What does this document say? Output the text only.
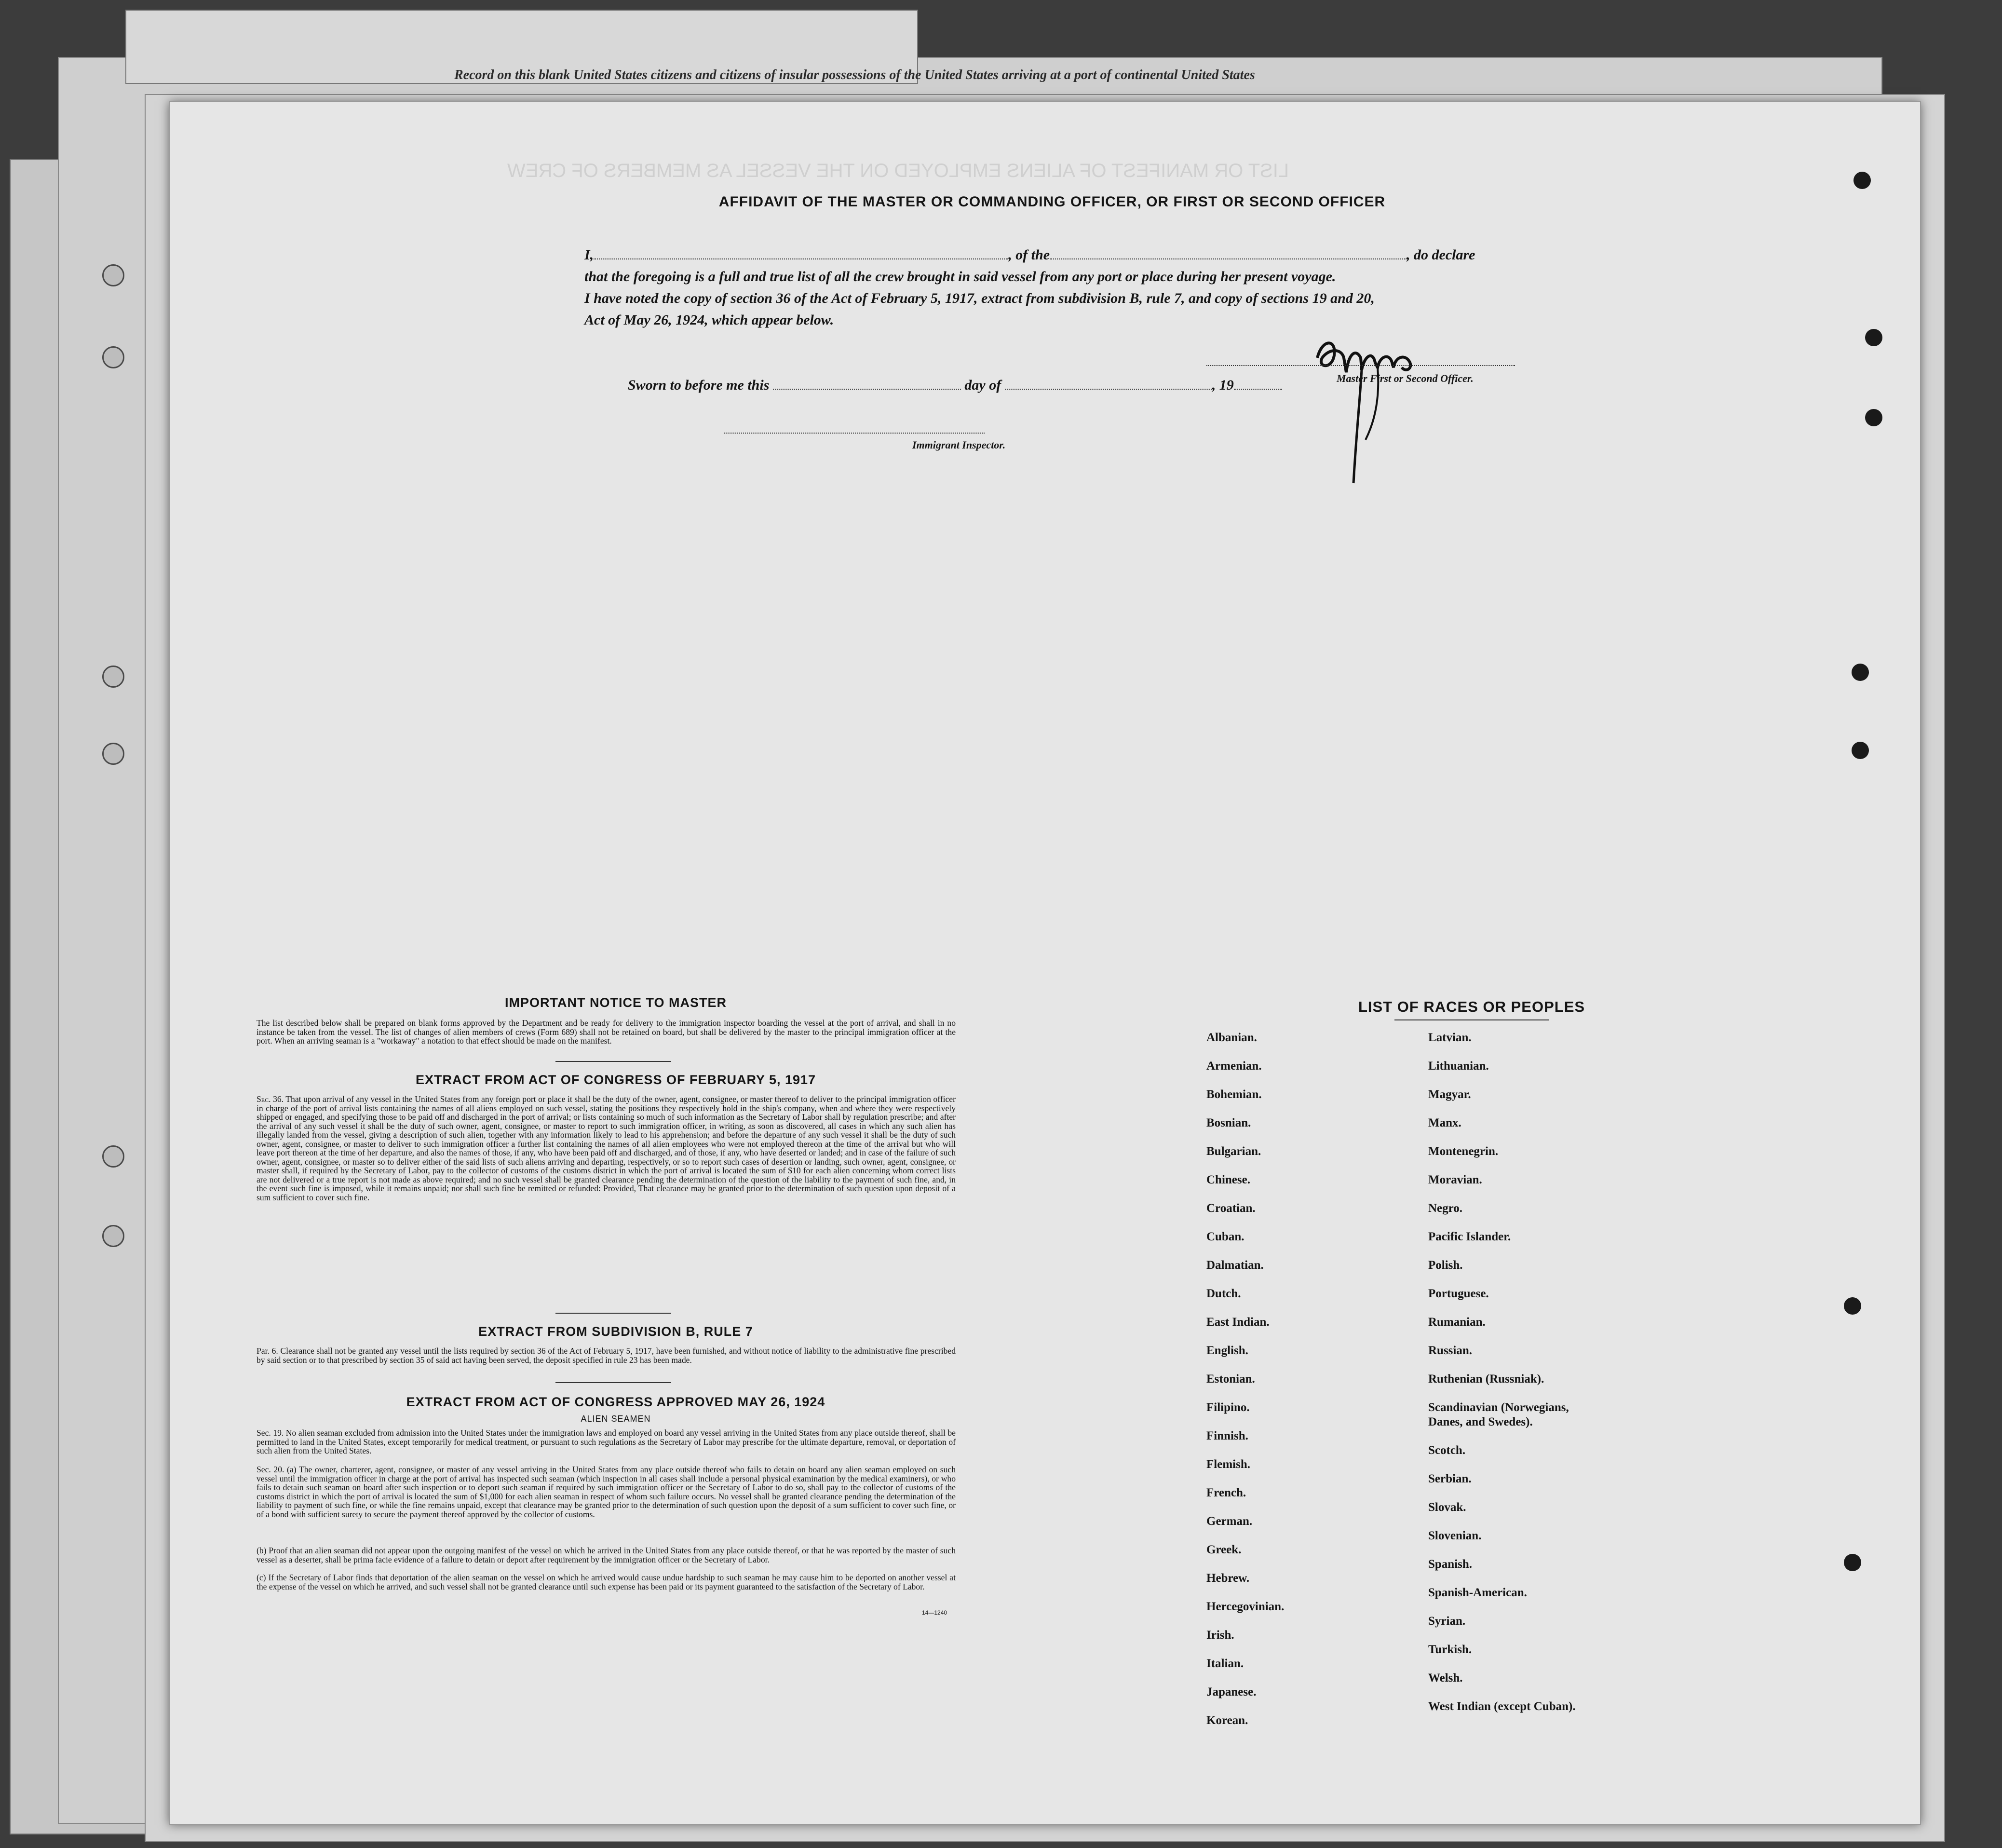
Record on this blank United States citizens and citizens of insular possessions of the United States arriving at a port of continental United States
LIST OR MANIFEST OF ALIENS EMPLOYED ON THE VESSEL AS MEMBERS OF CREW
AFFIDAVIT OF THE MASTER OR COMMANDING OFFICER, OR FIRST OR SECOND OFFICER
I,	, of the	, do declare
that the foregoing is a full and true list of all the crew brought in said vessel from any port or place during her present voyage.
I have noted the copy of section 36 of the Act of February 5, 1917, extract from subdivision B, rule 7, and copy of sections 19 and 20,
Act of May 26, 1924, which appear below.
Master First or Second Officer.
Sworn to before me this	day of	, 19
Immigrant Inspector.
IMPORTANT NOTICE TO MASTER
The list described below shall be prepared on blank forms approved by the Department and be ready for delivery to the immigration inspector boarding the vessel at the port of arrival, and shall in no instance be taken from the vessel. The list of changes of alien members of crews (Form 689) shall not be retained on board, but shall be delivered by the master to the principal immigration officer at the port. When an arriving seaman is a "workaway" a notation to that effect should be made on the manifest.
EXTRACT FROM ACT OF CONGRESS OF FEBRUARY 5, 1917
Sec. 36. That upon arrival of any vessel in the United States from any foreign port or place it shall be the duty of the owner, agent, consignee, or master thereof to deliver to the principal immigration officer in charge of the port of arrival lists containing the names of all aliens employed on such vessel, stating the positions they respectively hold in the ship's company, when and where they were respectively shipped or engaged, and specifying those to be paid off and discharged in the port of arrival; or lists containing so much of such information as the Secretary of Labor shall by regulation prescribe; and after the arrival of any such vessel it shall be the duty of such owner, agent, consignee, or master to report to such immigration officer, in writing, as soon as discovered, all cases in which any such alien has illegally landed from the vessel, giving a description of such alien, together with any information likely to lead to his apprehension; and before the departure of any such vessel it shall be the duty of such owner, agent, consignee, or master to deliver to such immigration officer a further list containing the names of all alien employees who were not employed thereon at the time of the arrival but who will leave port thereon at the time of her departure, and also the names of those, if any, who have been paid off and discharged, and of those, if any, who have deserted or landed; and in case of the failure of such owner, agent, consignee, or master so to deliver either of the said lists of such aliens arriving and departing, respectively, or so to report such cases of desertion or landing, such owner, agent, consignee, or master shall, if required by the Secretary of Labor, pay to the collector of customs of the customs district in which the port of arrival is located the sum of $10 for each alien concerning whom correct lists are not delivered or a true report is not made as above required; and no such vessel shall be granted clearance pending the determination of the question of the liability to the payment of such fine, and, in the event such fine is imposed, while it remains unpaid; nor shall such fine be remitted or refunded: Provided, That clearance may be granted prior to the determination of such question upon deposit of a sum sufficient to cover such fine.
EXTRACT FROM SUBDIVISION B, RULE 7
Par. 6. Clearance shall not be granted any vessel until the lists required by section 36 of the Act of February 5, 1917, have been furnished, and without notice of liability to the administrative fine prescribed by said section or to that prescribed by section 35 of said act having been served, the deposit specified in rule 23 has been made.
EXTRACT FROM ACT OF CONGRESS APPROVED MAY 26, 1924
ALIEN SEAMEN
Sec. 19. No alien seaman excluded from admission into the United States under the immigration laws and employed on board any vessel arriving in the United States from any place outside thereof, shall be permitted to land in the United States, except temporarily for medical treatment, or pursuant to such regulations as the Secretary of Labor may prescribe for the ultimate departure, removal, or deportation of such alien from the United States.
Sec. 20. (a) The owner, charterer, agent, consignee, or master of any vessel arriving in the United States from any place outside thereof who fails to detain on board any alien seaman employed on such vessel until the immigration officer in charge at the port of arrival has inspected such seaman (which inspection in all cases shall include a personal physical examination by the medical examiners), or who fails to detain such seaman on board after such inspection or to deport such seaman if required by such immigration officer or the Secretary of Labor to do so, shall pay to the collector of customs of the customs district in which the port of arrival is located the sum of $1,000 for each alien seaman in respect of whom such failure occurs. No vessel shall be granted clearance pending the determination of the liability to payment of such fine, or while the fine remains unpaid, except that clearance may be granted prior to the determination of such question upon the deposit of a sum sufficient to cover such fine, or of a bond with sufficient surety to secure the payment thereof approved by the collector of customs.
(b) Proof that an alien seaman did not appear upon the outgoing manifest of the vessel on which he arrived in the United States from any place outside thereof, or that he was reported by the master of such vessel as a deserter, shall be prima facie evidence of a failure to detain or deport after requirement by the immigration officer or the Secretary of Labor.
(c) If the Secretary of Labor finds that deportation of the alien seaman on the vessel on which he arrived would cause undue hardship to such seaman he may cause him to be deported on another vessel at the expense of the vessel on which he arrived, and such vessel shall not be granted clearance until such expense has been paid or its payment guaranteed to the satisfaction of the Secretary of Labor.
14—1240
LIST OF RACES OR PEOPLES
Albanian.
Armenian.
Bohemian.
Bosnian.
Bulgarian.
Chinese.
Croatian.
Cuban.
Dalmatian.
Dutch.
East Indian.
English.
Estonian.
Filipino.
Finnish.
Flemish.
French.
German.
Greek.
Hebrew.
Hercegovinian.
Irish.
Italian.
Japanese.
Korean.
Latvian.
Lithuanian.
Magyar.
Manx.
Montenegrin.
Moravian.
Negro.
Pacific Islander.
Polish.
Portuguese.
Rumanian.
Russian.
Ruthenian (Russniak).
Scandinavian (Norwegians,
Danes, and Swedes).
Scotch.
Serbian.
Slovak.
Slovenian.
Spanish.
Spanish-American.
Syrian.
Turkish.
Welsh.
West Indian (except Cuban).
